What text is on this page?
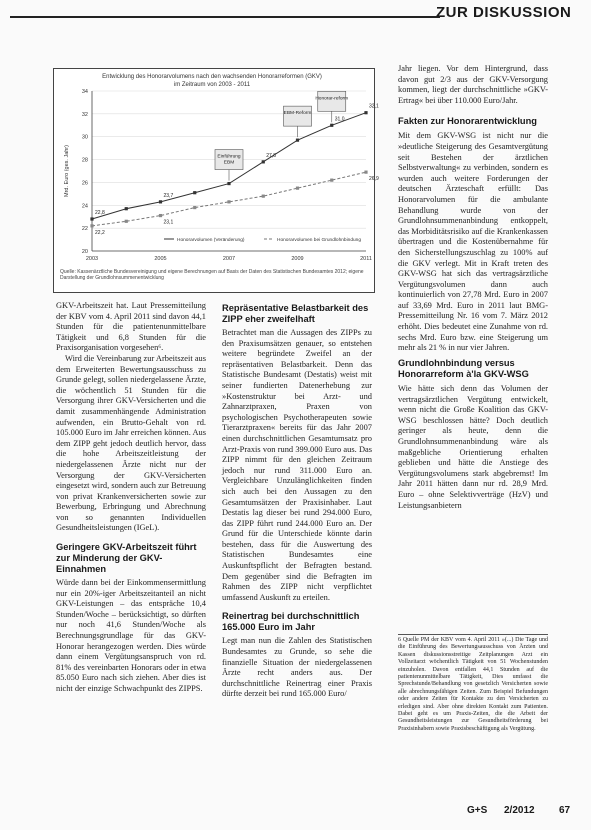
ZUR DISKUSSION
Entwicklung des Honorarvolumens nach den wachsenden Honorarreformen (GKV)
im Zeitraum von 2003 - 2011
20
22
24
26
28
30
32
34
Mrd. Euro (ges. Jahr)
2003	2005	2007	2009	2011
Einführung
EBM
EBM-Reform
Honorar-reform
22,8
23,7
27,8
31,0
32,1
22,2
23,1
26,9
Honorarvolumen (Veränderung)	Honorarvolumen bei Grundlohnbindung
Quelle: Kassenärztliche Bundesvereinigung und eigene Berechnungen auf Basis der Daten des Statistischen Bundesamtes 2012; eigene Darstellung der Grundlohnsummenentwicklung

GKV-Arbeitszeit hat. Laut Pressemitteilung der KBV vom 4. April 2011 sind davon 44,1 Stunden für die patientenunmittelbare Tätigkeit und 6,8 Stunden für die Praxisorganisation vorgesehen⁶.

Wird die Vereinbarung zur Arbeitszeit aus dem Erweiterten Bewertungsausschuss zu Grunde gelegt, sollen niedergelassene Ärzte, die wöchentlich 51 Stunden für die Versorgung ihrer GKV-Versicherten und die damit zusammenhängende Administration aufwenden, ein Brutto-Gehalt von rd. 105.000 Euro im Jahr erreichen können. Aus dem ZIPP geht jedoch deutlich hervor, dass die hohe Arbeitszeitleistung der niedergelassenen Ärzte nicht nur der Versorgung der GKV-Versicherten eingesetzt wird, sondern auch zur Betreuung von privat Krankenversicherten sowie zur Bewerbung, Erbringung und Abrechnung von so genannten Individuellen Gesundheitsleistungen (IGeL).

Geringere GKV-Arbeitszeit führt zur Minderung der GKV-Einnahmen

Würde dann bei der Einkommensermittlung nur ein 20%-iger Arbeitszeitanteil an nicht GKV-Leistungen – das entspräche 10,4 Stunden/Woche – berücksichtigt, so dürften nur noch 41,6 Stunden/Woche als Berechnungsgrundlage für das GKV-Honorar herangezogen werden. Dies würde dann einem Vergütungsanspruch von rd. 81% des vereinbarten Honorars oder in etwa 85.050 Euro nach sich ziehen. Aber dies ist nicht der einzige Schwachpunkt des ZIPPS.

Repräsentative Belastbarkeit des ZIPP eher zweifelhaft

Betrachtet man die Aussagen des ZIPPs zu den Praxisumsätzen genauer, so entstehen weitere begründete Zweifel an der repräsentativen Belastbarkeit. Denn das Statistische Bundesamt (Destatis) weist mit seiner fundierten Datenerhebung zur »Kostenstruktur bei Arzt- und Zahnarztpraxen, Praxen von psychologischen Psychotherapeuten sowie Tierarztpraxen« bereits für das Jahr 2007 einen durchschnittlichen Gesamtumsatz pro Arzt-Praxis von rund 399.000 Euro aus. Das ZIPP nimmt für den gleichen Zeitraum jedoch nur rund 311.000 Euro an. Vergleichbare Unzulänglichkeiten finden sich auch bei den Aussagen zu den Gesamtumsätzen der Praxisinhaber. Laut Destatis lag dieser bei rund 294.000 Euro, das ZIPP führt rund 244.000 Euro an. Der Grund für die Unterschiede könnte darin bestehen, dass für die Auswertung des Statistischen Bundesamtes eine Auskunftspflicht der Befragten bestand. Dem gegenüber sind die Befragten im Rahmen des ZIPP nicht verpflichtet umfassend Auskunft zu erteilen.

Reinertrag bei durchschnittlich 165.000 Euro im Jahr

Legt man nun die Zahlen des Statistischen Bundesamtes zu Grunde, so sehe die finanzielle Situation der niedergelassenen Ärzte recht anders aus. Der durchschnittliche Reinertrag einer Praxis dürfte derzeit bei rund 165.000 Euro/

Jahr liegen. Vor dem Hintergrund, dass davon gut 2/3 aus der GKV-Versorgung kommen, liegt der durchschnittliche »GKV-Ertrag« bei über 110.000 Euro/Jahr.

Fakten zur Honorarentwicklung

Mit dem GKV-WSG ist nicht nur die »deutliche Steigerung des Gesamtvergütung seit Bestehen der ärztlichen Selbstverwaltung« zu verbinden, sondern es wurden auch weitere Forderungen der deutschen Ärzteschaft erfüllt: Das Honorarvolumen für die ambulante Behandlung wurde von der Grundlohnsummenanbindung entkoppelt, das Morbiditätsrisiko auf die Krankenkassen übertragen und die Kostenübernahme für den Sicherstellungszuschlag zu 100% auf die GKV verlegt. Mit in Kraft treten des GKV-WSG hat sich das vertragsärztliche Vergütungsvolumen dann auch kontinuierlich von 27,78 Mrd. Euro in 2007 auf 33,69 Mrd. Euro in 2011 laut BMG-Pressemitteilung Nr. 16 vom 7. März 2012 erhöht. Dies bedeutet eine Zunahme von rd. sechs Mrd. Euro bzw. eine Steigerung um mehr als 21 % in nur vier Jahren.

Grundlohnbindung versus Honorarreform à'la GKV-WSG

Wie hätte sich denn das Volumen der vertragsärztlichen Vergütung entwickelt, wenn nicht die Große Koalition das GKV-WSG beschlossen hätte? Doch deutlich geringer als heute, denn die Grundlohnsummenanbindung wäre als maßgebliche Orientierung erhalten geblieben und hätte die Anstiege des Vergütungsvolumens stark abgebremst! Im Jahr 2011 hätten dann nur rd. 28,9 Mrd. Euro – ohne Selektivverträge (HzV) und Leistungsanbietern

6 Quelle PM der KBV vom 4. April 2011 »(...) Die Tage und die Einführung des Bewertungsausschuss von Ärzten und Kassen diskussionsstreitige Zeitplanungen Arzt ein Vollzeitarzt wöchentlich Tätigkeit von 51 Wochenstunden einzuholen. Davon entfallen 44,1 Stunden auf die patientenunmittelbare Tätigkeit, Dies umfasst die Sprechstunde/Behandlung von gesetzlich Versicherten sowie alle abrechnungsfähigen Zeiten. Zum Beispiel Befundungen oder andere Zeiten für Kontakte zu den Versicherten zu erledigen sind. Aber ohne direkten Kontakt zum Patienten. Dabei geht es um Praxis-Zeiten, die die Arbeit der Gesundheitsleistungen zur Gesundheitsförderung bei Praxisinhabern sowie Praxisbeschäftigung als Vergütung.
G+S 2/2012 67
